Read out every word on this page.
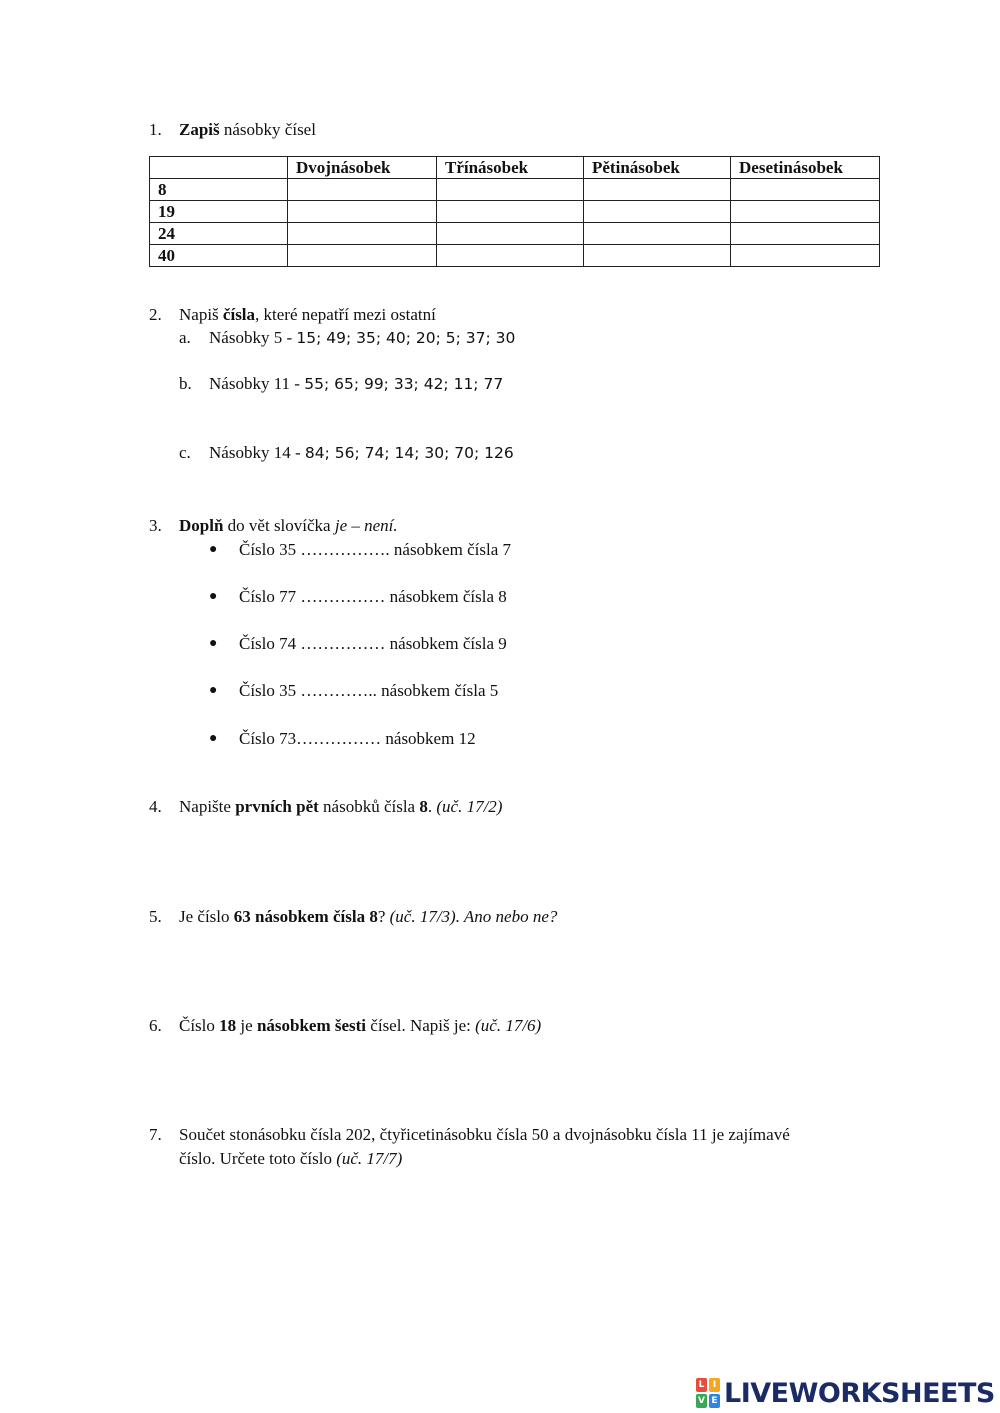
1. Zapiš násobky čísel
	Dvojnásobek	Třínásobek	Pětinásobek	Desetinásobek
8				
19				
24				
40				
2. Napiš čísla, které nepatří mezi ostatní
a. Násobky 5 - 15; 49; 35; 40; 20; 5; 37; 30
b. Násobky 11 - 55; 65; 99; 33; 42; 11; 77
c. Násobky 14 - 84; 56; 74; 14; 30; 70; 126
3. Doplň do vět slovíčka je – není.
● Číslo 35 ……………. násobkem čísla 7
● Číslo 77 …………… násobkem čísla 8
● Číslo 74 …………… násobkem čísla 9
● Číslo 35 ………….. násobkem čísla 5
● Číslo 73…………… násobkem 12
4. Napište prvních pět násobků čísla 8. (uč. 17/2)
5. Je číslo 63 násobkem čísla 8? (uč. 17/3). Ano nebo ne?
6. Číslo 18 je násobkem šesti čísel. Napiš je: (uč. 17/6)
7. Součet stonásobku čísla 202, čtyřicetinásobku čísla 50 a dvojnásobku čísla 11 je zajímavé
číslo. Určete toto číslo (uč. 17/7)
L I
V E LIVEWORKSHEETS
